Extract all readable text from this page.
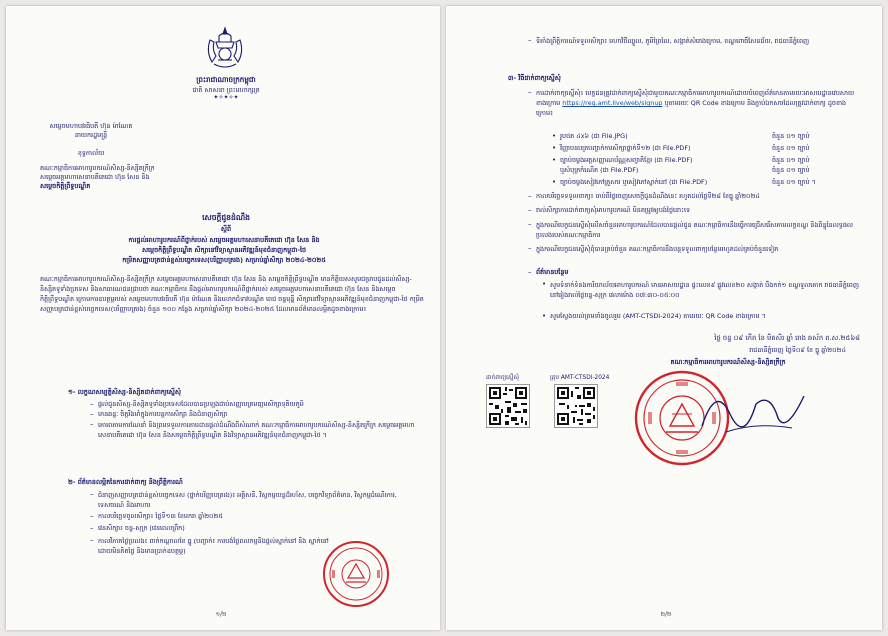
ព្រះរាជាណាចក្រកម្ពុជា
ជាតិ សាសនា ព្រះមហាក្សត្រ
✦✧✦✧✦
សម្តេចមហាបវរធិបតី ហ៊ុន ម៉ាណែត
នាយករដ្ឋមន្ត្រី
ខុទ្ទកាល័យ
គណៈកម្មាធិការអាហារូបករណ៍សិស្ស-និស្សិតក្រីក្រ
សម្តេចអគ្គមហាសេនាបតីតេជោ ហ៊ុន សែន និង
សម្តេចកិត្តិព្រឹទ្ធបណ្ឌិត
សេចក្តីជូនដំណឹង
ស្តីពី
ការផ្តល់អាហារូបករណ៍ពីថ្នាក់របស់ សម្តេចអគ្គមហាសេនាបតីតេជោ ហ៊ុន សែន និង
សម្តេចកិត្តិព្រឹទ្ធបណ្ឌិត សិក្សានៅវិទ្យាស្ថានអភិវឌ្ឍន៍មុខជំនាញកម្ពុជា-ថៃ
កម្រិតសញ្ញាបត្រជាន់ខ្ពស់បច្ចេកទេស(បរិញ្ញាបត្ររង) សម្រាប់ឆ្នាំសិក្សា ២០២៤-២០២៥
គណៈកម្មាធិការអាហារូបករណ៍សិស្ស-និស្សិតក្រីក្រ សម្តេចអគ្គមហាសេនាបតីតេជោ ហ៊ុន សែន និង សម្តេចកិត្តិព្រឹទ្ធបណ្ឌិត មានកិត្តិយសសូមជម្រាបជូនដល់សិស្ស-និស្សិតទូទាំងប្រទេស និងសាធារណជនជ្រាបថា គណៈកម្មាធិការ នឹងផ្តល់អាហារូបករណ៍ពីថ្នាក់របស់ សម្តេចអគ្គមហាសេនាបតីតេជោ ហ៊ុន សែន និងសម្តេចកិត្តិព្រឹទ្ធបណ្ឌិត ក្រោមការឧបត្ថម្ភរបស់ សម្តេចមហាបវរធិបតី ហ៊ុន ម៉ាណែត និងលោកជំទាវបណ្ឌិត ពេជ ចន្ទមុន្នី សិក្សានៅវិទ្យាស្ថានអភិវឌ្ឍន៍មុខជំនាញកម្ពុជា-ថៃ កម្រិតសញ្ញាបត្រជាន់ខ្ពស់បច្ចេកទេស(បរិញ្ញាបត្ររង) ចំនួន ១០០ កន្លែង សម្រាប់ឆ្នាំសិក្សា ២០២៤-២០២៥ ដែលមានព័ត៌មានលម្អិតដូចខាងក្រោម៖
១- លក្ខណសម្បត្តិសិស្ស-និស្សិតដាក់ពាក្យស្នើសុំ
– ផ្តល់ជូនសិស្ស-និស្សិតទូទាំងប្រទេសដែលបានប្រឡងជាប់សញ្ញាបត្រមធ្យមសិក្សាទុតិយភូមិ
– មានឆន្ទៈ ចិត្តរឹងមាំក្នុងការបន្តការសិក្សា និងជំនាញសិក្សា
– គោរពតាមការណែនាំ និងព្រមទទួលការតាមដានផ្តល់ដំណឹងពីសំណាក់ គណៈកម្មាធិការអាហារូបករណ៍សិស្ស-និស្សិតក្រីក្រ សម្តេចអគ្គមហាសេនាបតីតេជោ ហ៊ុន សែន និងសម្តេចកិត្តិព្រឹទ្ធបណ្ឌិត និងវិទ្យាស្ថានអភិវឌ្ឍន៍មុខជំនាញកម្ពុជា-ថៃ ។
២- ព័ត៌មានលម្អិតនៃការដាក់ពាក្យ និងព្រឹត្តិការណ៍
– ជំនាញសញ្ញាបត្រជាន់ខ្ពស់បច្ចេកទេស (ថ្នាក់បរិញ្ញាបត្ររង)៖ អគ្គិសនី, វិស្វកម្មយន្តដ៏រហ័ស, បច្ចេកវិទ្យាព័ត៌មាន, វិស្វកម្មដំណើរការ, ទេសចរណ៍ និងអាហារ
– កាលបរិច្ឆេទចូលសិក្សា៖ ថ្ងៃទី១៣ ខែមករា ឆ្នាំ២០២៥
– វេនសិក្សា៖ ចន្ទ-សុក្រ (វេនពេលព្រឹក)
– កាលវិភាគថ្ងៃប្រលង៖ ពាក់កណ្តាលខែ ធ្នូ (បញ្ជាក់៖ ការបង់ថ្លៃពលកម្មនិងផ្តល់ស្នាក់នៅ និង ស្នាក់នៅដោយមិនគិតថ្លៃ និងមានប្រាក់ឧបត្ថម្ភ)
១/២
– ទីតាំងព្រឹត្តិការណ៍ទទួលសិក្សា៖ មហាវិថីឈ្នួល, ភូមិព្រៃលៃ, សង្កាត់សំរោងក្រោម, ខណ្ឌពោធិ៍សែនជ័យ, រាជធានីភ្នំពេញ
៣- វិធីដាក់ពាក្យស្នើសុំ
– ការដាក់ពាក្យស្នើសុំ៖ បេក្ខជនត្រូវដាក់ពាក្យស្នើសុំជាមួយគណៈកម្មាធិការអាហារូបករណ៍ដោយបំពេញព័ត៌មានតាមរយៈអាសយដ្ឋានវេបសាយខាងក្រោម https://reg.amt.live/web/signup ឬតាមរយៈ QR Code ខាងក្រោម និងភ្ជាប់ឯកសារដែលត្រូវដាក់ពាក្យ ដូចខាងក្រោម៖
• រូបថត ៤x៦ (ជា File.JPG)	ចំនួន ០១ ច្បាប់
• វិញ្ញាបនបត្របញ្ជាក់ការសិក្សាថ្នាក់ទី១២ (ជា File.PDF)	ចំនួន ០១ ច្បាប់
• ច្បាប់ចម្លងអត្តសញ្ញាណប័ណ្ណសញ្ជាតិខ្មែរ (ជា File.PDF)	ចំនួន ០១ ច្បាប់
ឬសំបុត្រកំណើត (ជា File.PDF)	ចំនួន ០១ ច្បាប់
• ច្បាប់ចម្លងសៀវភៅគ្រួសារ ឬសៀវភៅស្នាក់នៅ (ជា File.PDF)	ចំនួន ០១ ច្បាប់ ។
– កាលបរិច្ឆេទទទួលពាក្យ៖ ចាប់ពីថ្ងៃចេញសេចក្តីជូនដំណឹងនេះ រហូតដល់ថ្ងៃទី២៨ ខែធ្នូ ឆ្នាំ២០២៤
– រាល់សិក្សាការដាក់ពាក្យសុំអាហារូបករណ៍ មិនតម្រូវឲ្យបង់ថ្លៃនោះទេ
– ក្នុងករណីបេក្ខជនស្នើសុំលើសចំនួនអាហារូបករណ៍ដែលបានផ្តល់ជូន គណៈកម្មាធិការនឹងធ្វើការជ្រើសរើសតាមលក្ខខណ្ឌ និងពិន្ទុនៃលទ្ធផលប្រលងរបស់គណៈកម្មាធិការ
– ក្នុងករណីបេក្ខជនស្នើសុំពុំបានគ្រប់ចំនួន គណៈកម្មាធិការនឹងបន្តទទួលពាក្យបន្ថែមរហូតដល់គ្រប់ចំនួនទៀត
– ព័ត៌មានបន្ថែម
• សូមទំនាក់ទំនងការិយាល័យអាហារូបករណ៍ មានអាសយដ្ឋាន ផ្ទះលេខ៩ ផ្លូវលេខ២០ សង្កាត់ បឹងកក់១ ខណ្ឌទួលគោក រាជធានីភ្នំពេញ នៅរៀងរាល់ថ្ងៃចន្ទ-សុក្រ វេលាម៉ោង ០៧:៣០-០៥:០០
• សូមស្វែងយល់ព្រមទាំងចូលរួម (AMT-CTSDI-2024) តាមរយៈ QR Code ខាងក្រោម ។
ថ្ងៃ ចន្ទ ០៩ កើត ខែ មិគសិរ ឆ្នាំ រោង ឆស័ក ព.ស.២៥៦៨
រាជធានីភ្នំពេញ ថ្ងៃទី០៩ ខែ ធ្នូ ឆ្នាំ២០២៤
គណៈកម្មាធិការអាហារូបករណ៍សិស្ស-និស្សិតក្រីក្រ
ដាក់ពាក្យស្នើសុំ	គ្រុប AMT-CTSDI-2024
២/២
